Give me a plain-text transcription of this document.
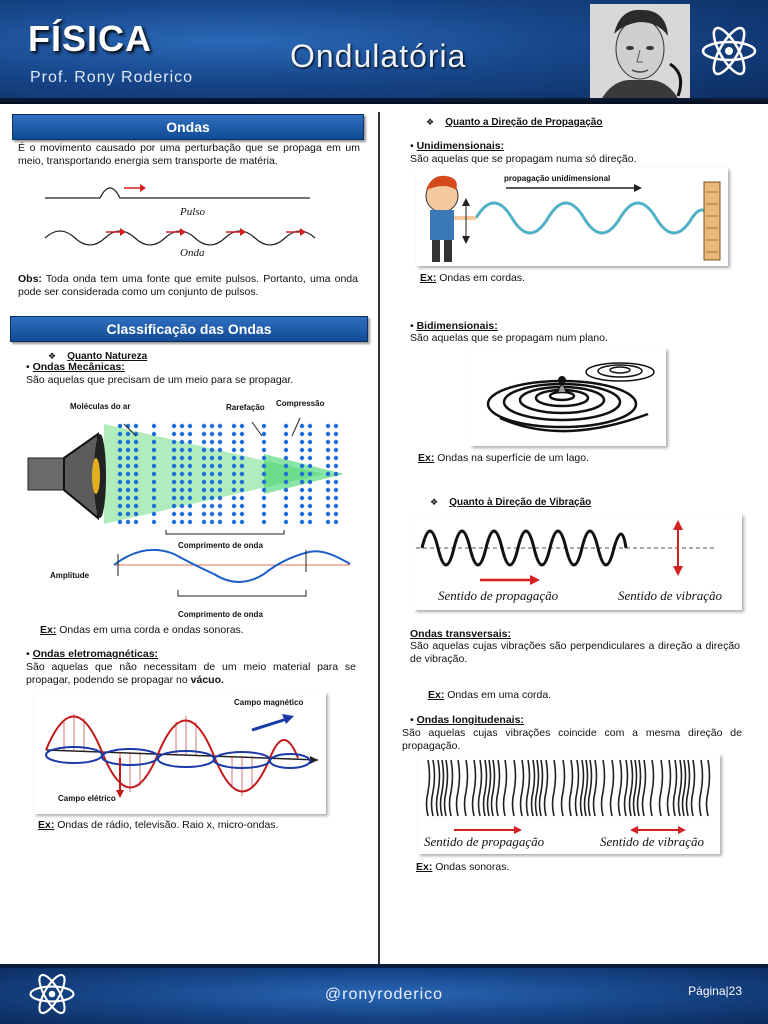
FÍSICA
Prof. Rony Roderico
Ondulatória
Ondas
É o movimento causado por uma perturbação que se propaga em um meio, transportando energia sem transporte de matéria.
Pulso
Onda
Obs: Toda onda tem uma fonte que emite pulsos. Portanto, uma onda pode ser considerada como um conjunto de pulsos.
Classificação das Ondas
❖ Quanto Natureza
• Ondas Mecânicas:
São aquelas que precisam de um meio para se propagar.
Moléculas do ar	Rarefação Compressão
Comprimento de onda
Amplitude
Comprimento de onda
Ex: Ondas em uma corda e ondas sonoras.
• Ondas eletromagnéticas:
São aquelas que não necessitam de um meio material para se propagar, podendo se propagar no vácuo.
Campo magnético
Campo elétrico
Ex: Ondas de rádio, televisão. Raio x, micro-ondas.
❖ Quanto a Direção de Propagação
• Unidimensionais:
São aquelas que se propagam numa só direção.
propagação unidimensional
Ex: Ondas em cordas.
• Bidimensionais:
São aquelas que se propagam num plano.
Ex: Ondas na superfície de um lago.
❖ Quanto à Direção de Vibração
Sentido de propagação	Sentido de vibração
Ondas transversais:
São aquelas cujas vibrações são perpendiculares a direção a direção de vibração.
Ex: Ondas em uma corda.
• Ondas longitudenais:
São aquelas cujas vibrações coincide com a mesma direção de propagação.
Sentido de propagação	Sentido de vibração
Ex: Ondas sonoras.
@ronyroderico	Página|23
